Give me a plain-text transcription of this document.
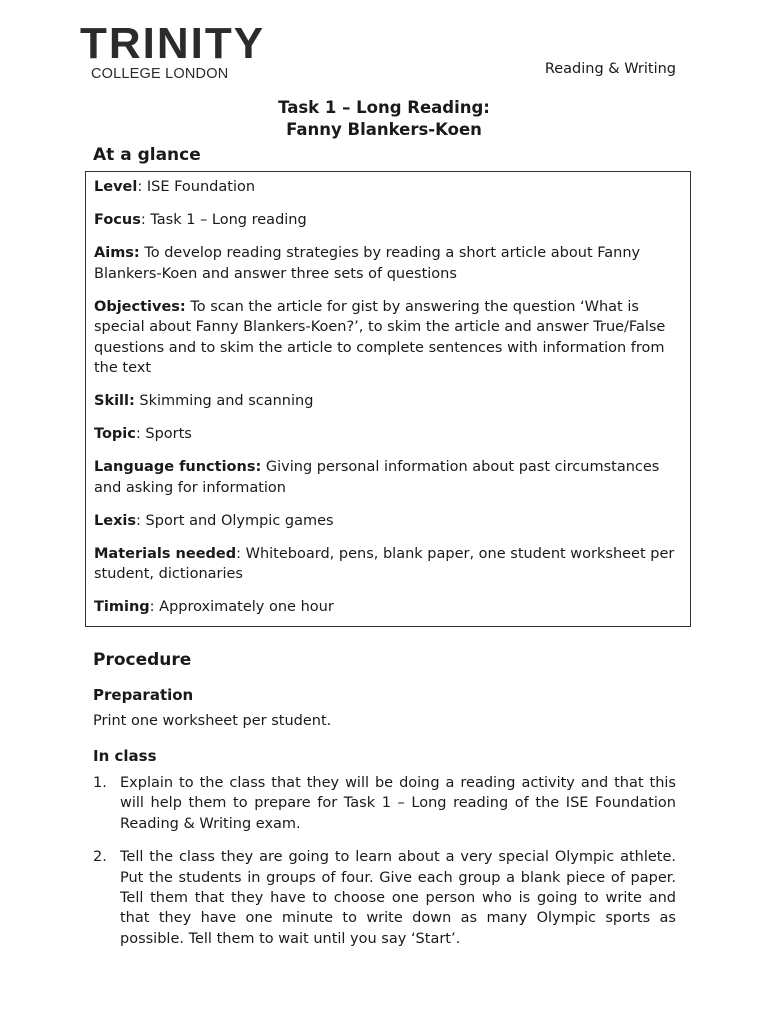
TRINITY
COLLEGE LONDON	Reading & Writing
Task 1 – Long Reading:
Fanny Blankers-Koen
At a glance

Level: ISE Foundation

Focus: Task 1 – Long reading

Aims: To develop reading strategies by reading a short article about Fanny Blankers-Koen and answer three sets of questions

Objectives: To scan the article for gist by answering the question ‘What is special about Fanny Blankers-Koen?’, to skim the article and answer True/False questions and to skim the article to complete sentences with information from the text

Skill: Skimming and scanning

Topic: Sports

Language functions: Giving personal information about past circumstances and asking for information

Lexis: Sport and Olympic games

Materials needed: Whiteboard, pens, blank paper, one student worksheet per student, dictionaries

Timing: Approximately one hour

Procedure
Preparation
Print one worksheet per student.
In class
1. Explain to the class that they will be doing a reading activity and that this will help them to prepare for Task 1 – Long reading of the ISE Foundation Reading & Writing exam.
2. Tell the class they are going to learn about a very special Olympic athlete. Put the students in groups of four. Give each group a blank piece of paper. Tell them that they have to choose one person who is going to write and that they have one minute to write down as many Olympic sports as possible. Tell them to wait until you say ‘Start’.
